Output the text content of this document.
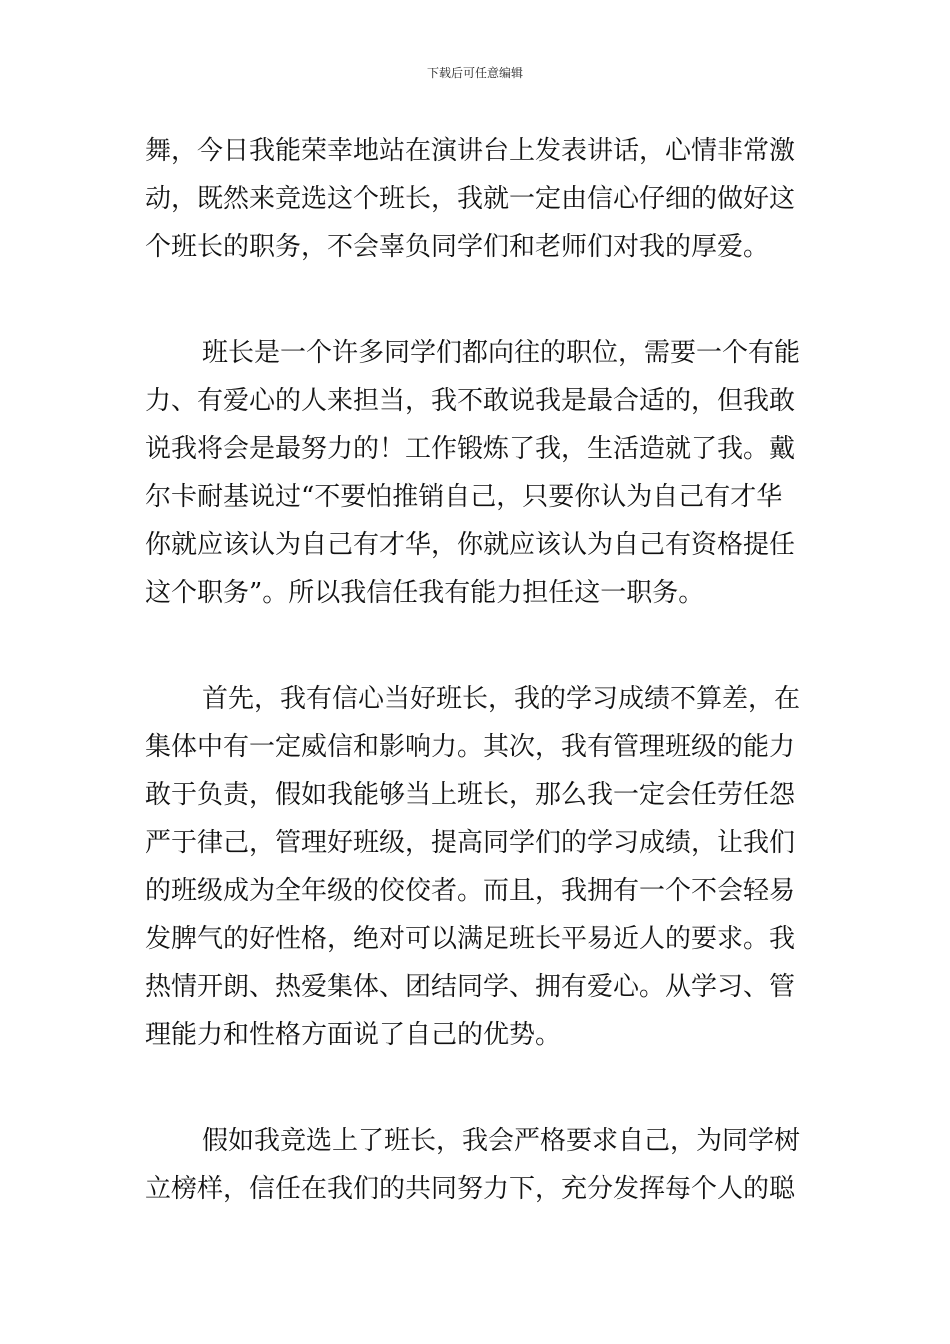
下载后可任意编辑
舞，今日我能荣幸地站在演讲台上发表讲话，心情非常激
动，既然来竞选这个班长，我就一定由信心仔细的做好这
个班长的职务，不会辜负同学们和老师们对我的厚爱。
班长是一个许多同学们都向往的职位，需要一个有能
力、有爱心的人来担当，我不敢说我是最合适的，但我敢
说我将会是最努力的！工作锻炼了我，生活造就了我。戴
尔卡耐基说过“不要怕推销自己，只要你认为自己有才华
你就应该认为自己有才华，你就应该认为自己有资格提任
这个职务”。所以我信任我有能力担任这一职务。
首先，我有信心当好班长，我的学习成绩不算差，在
集体中有一定威信和影响力。其次，我有管理班级的能力
敢于负责，假如我能够当上班长，那么我一定会任劳任怨
严于律己，管理好班级，提高同学们的学习成绩，让我们
的班级成为全年级的佼佼者。而且，我拥有一个不会轻易
发脾气的好性格，绝对可以满足班长平易近人的要求。我
热情开朗、热爱集体、团结同学、拥有爱心。从学习、管
理能力和性格方面说了自己的优势。
假如我竞选上了班长，我会严格要求自己，为同学树
立榜样，信任在我们的共同努力下，充分发挥每个人的聪
